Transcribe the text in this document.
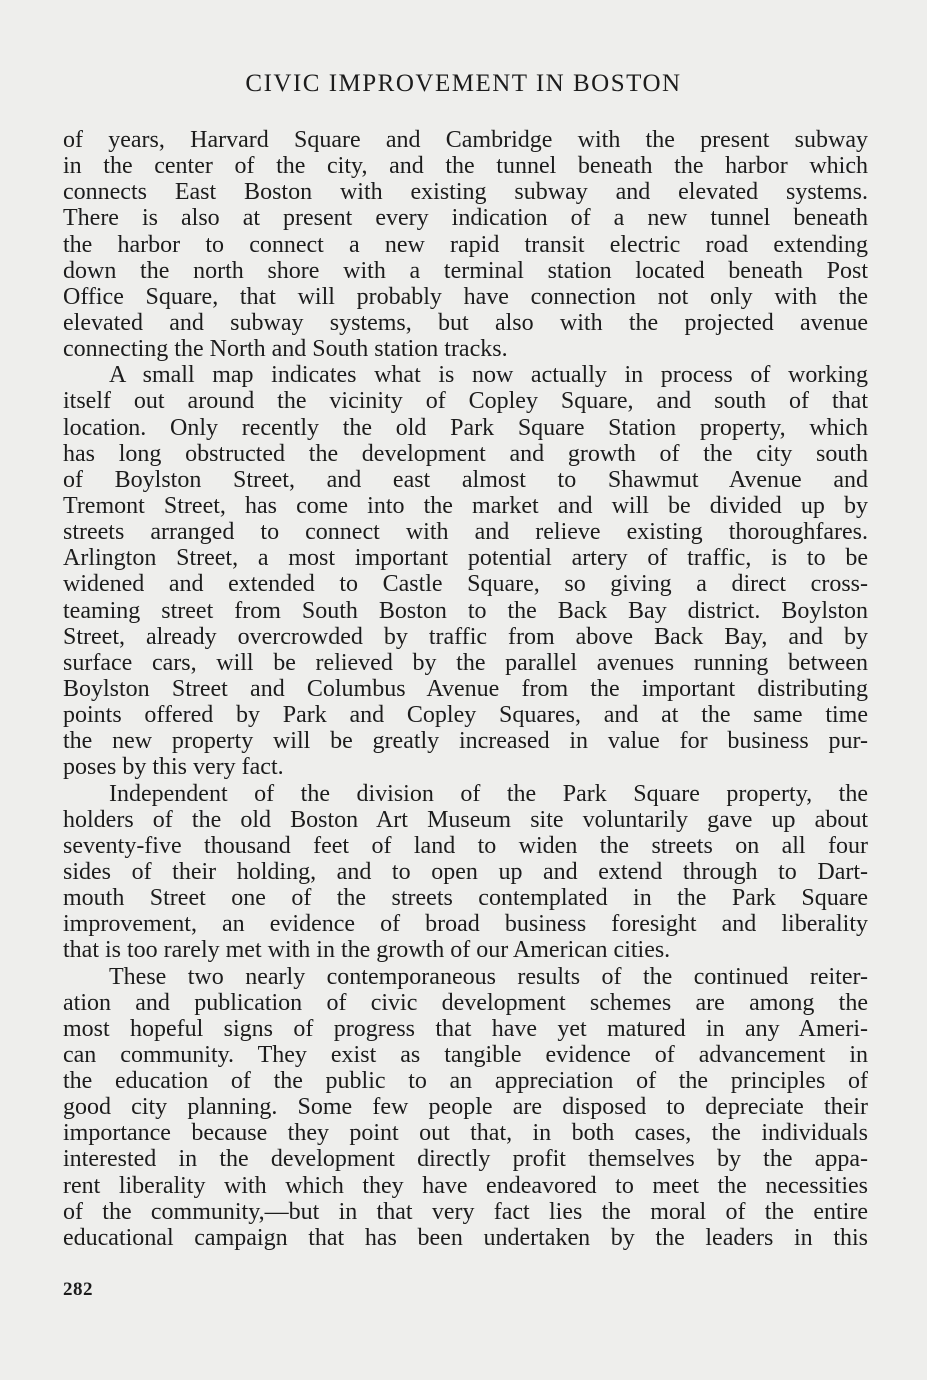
CIVIC IMPROVEMENT IN BOSTON
of years, Harvard Square and Cambridge with the present subway
in the center of the city, and the tunnel beneath the harbor which
connects East Boston with existing subway and elevated systems.
There is also at present every indication of a new tunnel beneath
the harbor to connect a new rapid transit electric road extending
down the north shore with a terminal station located beneath Post
Office Square, that will probably have connection not only with the
elevated and subway systems, but also with the projected avenue
connecting the North and South station tracks.
A small map indicates what is now actually in process of working
itself out around the vicinity of Copley Square, and south of that
location. Only recently the old Park Square Station property, which
has long obstructed the development and growth of the city south
of Boylston Street, and east almost to Shawmut Avenue and
Tremont Street, has come into the market and will be divided up by
streets arranged to connect with and relieve existing thoroughfares.
Arlington Street, a most important potential artery of traffic, is to be
widened and extended to Castle Square, so giving a direct cross-
teaming street from South Boston to the Back Bay district. Boylston
Street, already overcrowded by traffic from above Back Bay, and by
surface cars, will be relieved by the parallel avenues running between
Boylston Street and Columbus Avenue from the important distributing
points offered by Park and Copley Squares, and at the same time
the new property will be greatly increased in value for business pur-
poses by this very fact.
Independent of the division of the Park Square property, the
holders of the old Boston Art Museum site voluntarily gave up about
seventy-five thousand feet of land to widen the streets on all four
sides of their holding, and to open up and extend through to Dart-
mouth Street one of the streets contemplated in the Park Square
improvement, an evidence of broad business foresight and liberality
that is too rarely met with in the growth of our American cities.
These two nearly contemporaneous results of the continued reiter-
ation and publication of civic development schemes are among the
most hopeful signs of progress that have yet matured in any Ameri-
can community. They exist as tangible evidence of advancement in
the education of the public to an appreciation of the principles of
good city planning. Some few people are disposed to depreciate their
importance because they point out that, in both cases, the individuals
interested in the development directly profit themselves by the appa-
rent liberality with which they have endeavored to meet the necessities
of the community,—but in that very fact lies the moral of the entire
educational campaign that has been undertaken by the leaders in this
282
